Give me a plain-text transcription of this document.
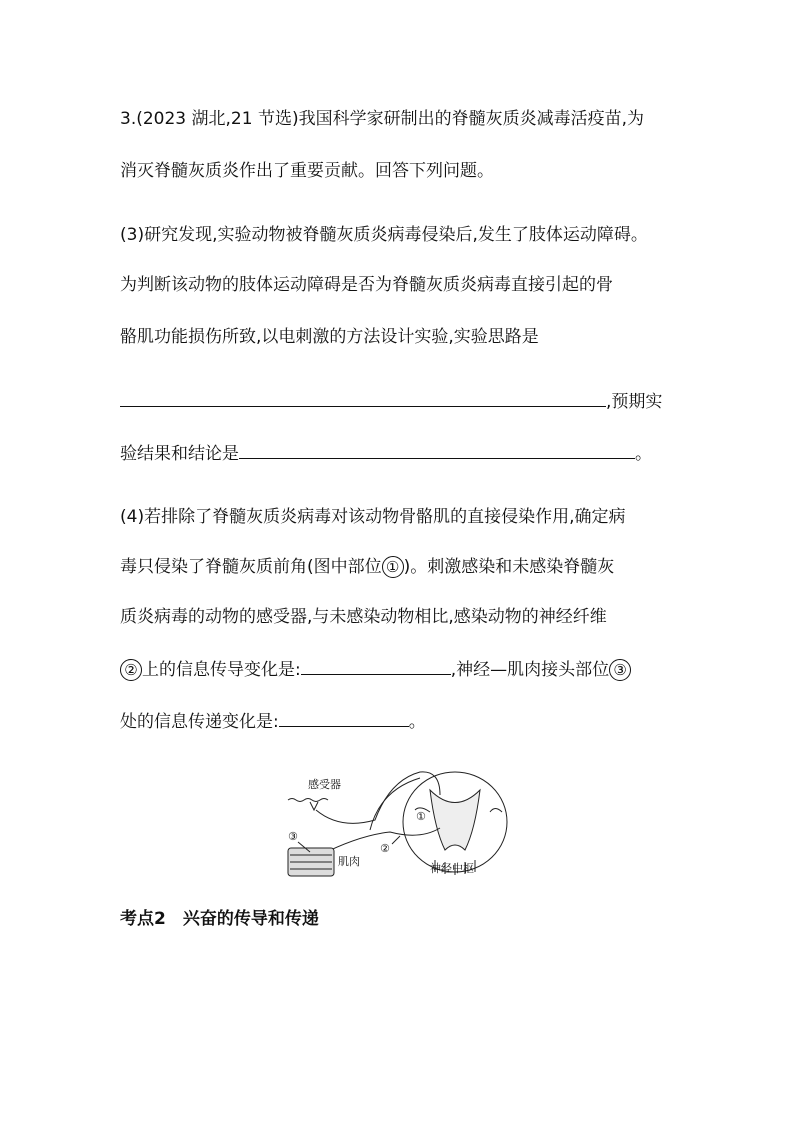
3.(2023 湖北,21 节选)我国科学家研制出的脊髓灰质炎减毒活疫苗,为
消灭脊髓灰质炎作出了重要贡献。回答下列问题。
(3)研究发现,实验动物被脊髓灰质炎病毒侵染后,发生了肢体运动障碍。
为判断该动物的肢体运动障碍是否为脊髓灰质炎病毒直接引起的骨
骼肌功能损伤所致,以电刺激的方法设计实验,实验思路是
,预期实
验结果和结论是	。
(4)若排除了脊髓灰质炎病毒对该动物骨骼肌的直接侵染作用,确定病
毒只侵染了脊髓灰质前角(图中部位 ① )。刺激感染和未感染脊髓灰
质炎病毒的动物的感受器,与未感染动物相比,感染动物的神经纤维
② 上的信息传导变化是:	,神经—肌肉接头部位 ③
处的信息传递变化是:	。
感受器
肌肉
神经中枢
①
②
③
考点2　兴奋的传导和传递
